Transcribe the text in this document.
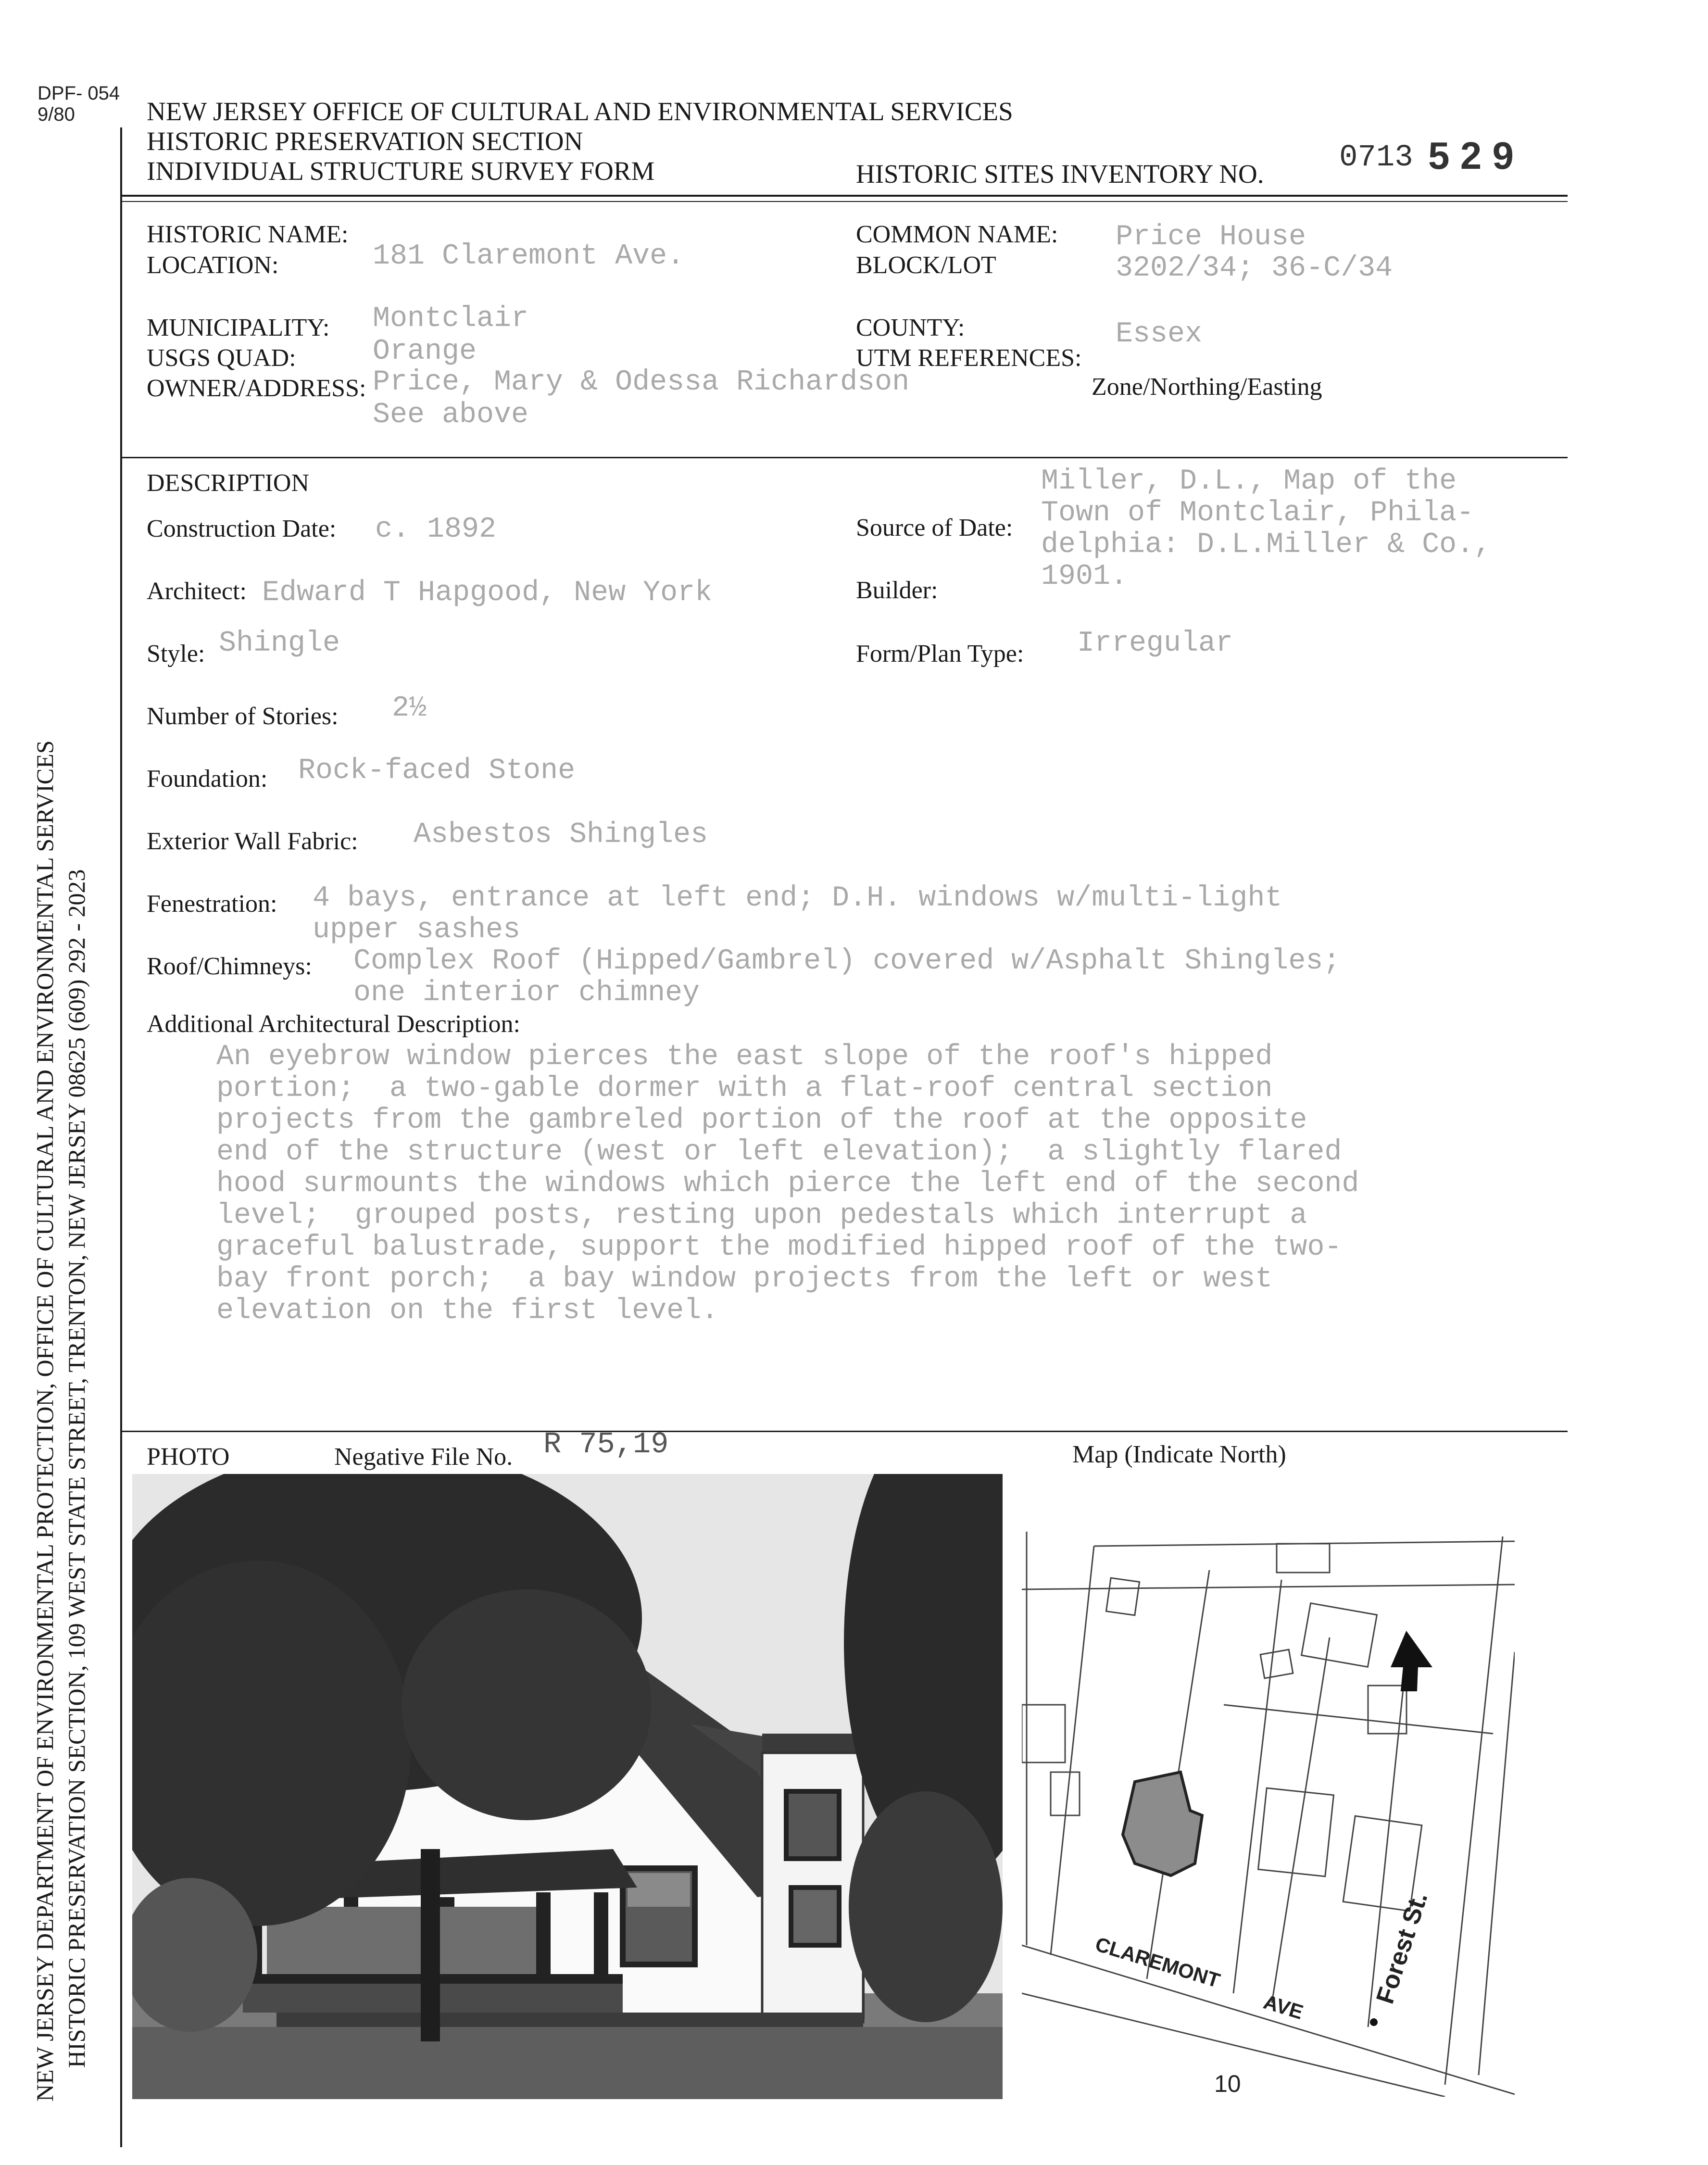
DPF- 054
9/80
NEW JERSEY DEPARTMENT OF ENVIRONMENTAL PROTECTION, OFFICE OF CULTURAL AND ENVIRONMENTAL SERVICES HISTORIC PRESERVATION SECTION, 109 WEST STATE STREET, TRENTON, NEW JERSEY 08625 (609) 292 - 2023
NEW JERSEY OFFICE OF CULTURAL AND ENVIRONMENTAL SERVICES
HISTORIC PRESERVATION SECTION
INDIVIDUAL STRUCTURE SURVEY FORM	HISTORIC SITES INVENTORY NO. 0713 5 2 9
HISTORIC NAME:
LOCATION:	181 Claremont Ave.
COMMON NAME: Price House
BLOCK/LOT	3202/34; 36-C/34
MUNICIPALITY: Montclair
USGS QUAD:	Orange
OWNER/ADDRESS: Price, Mary & Odessa Richardson
See above
COUNTY:	Essex
UTM REFERENCES:
Zone/Northing/Easting
DESCRIPTION
Construction Date: c. 1892	Source of Date:
Miller, D.L., Map of the
Town of Montclair, Phila-
delphia: D.L.Miller & Co.,
1901.
Architect: Edward T Hapgood, New York	Builder:
Style: Shingle	Form/Plan Type: Irregular
Number of Stories: 2½
Foundation: Rock-faced Stone
Exterior Wall Fabric: Asbestos Shingles
Fenestration: 4 bays, entrance at left end; D.H. windows w/multi-light
upper sashes
Roof/Chimneys: Complex Roof (Hipped/Gambrel) covered w/Asphalt Shingles;
one interior chimney
Additional Architectural Description:
An eyebrow window pierces the east slope of the roof's hipped
portion;  a two-gable dormer with a flat-roof central section
projects from the gambreled portion of the roof at the opposite
end of the structure (west or left elevation);  a slightly flared
hood surmounts the windows which pierce the left end of the second
level;  grouped posts, resting upon pedestals which interrupt a
graceful balustrade, support the modified hipped roof of the two-
bay front porch;  a bay window projects from the left or west
elevation on the first level.
PHOTO	Negative File No. R 75,19	Map (Indicate North)
CLAREMONT
AVE	Forest St.
10
